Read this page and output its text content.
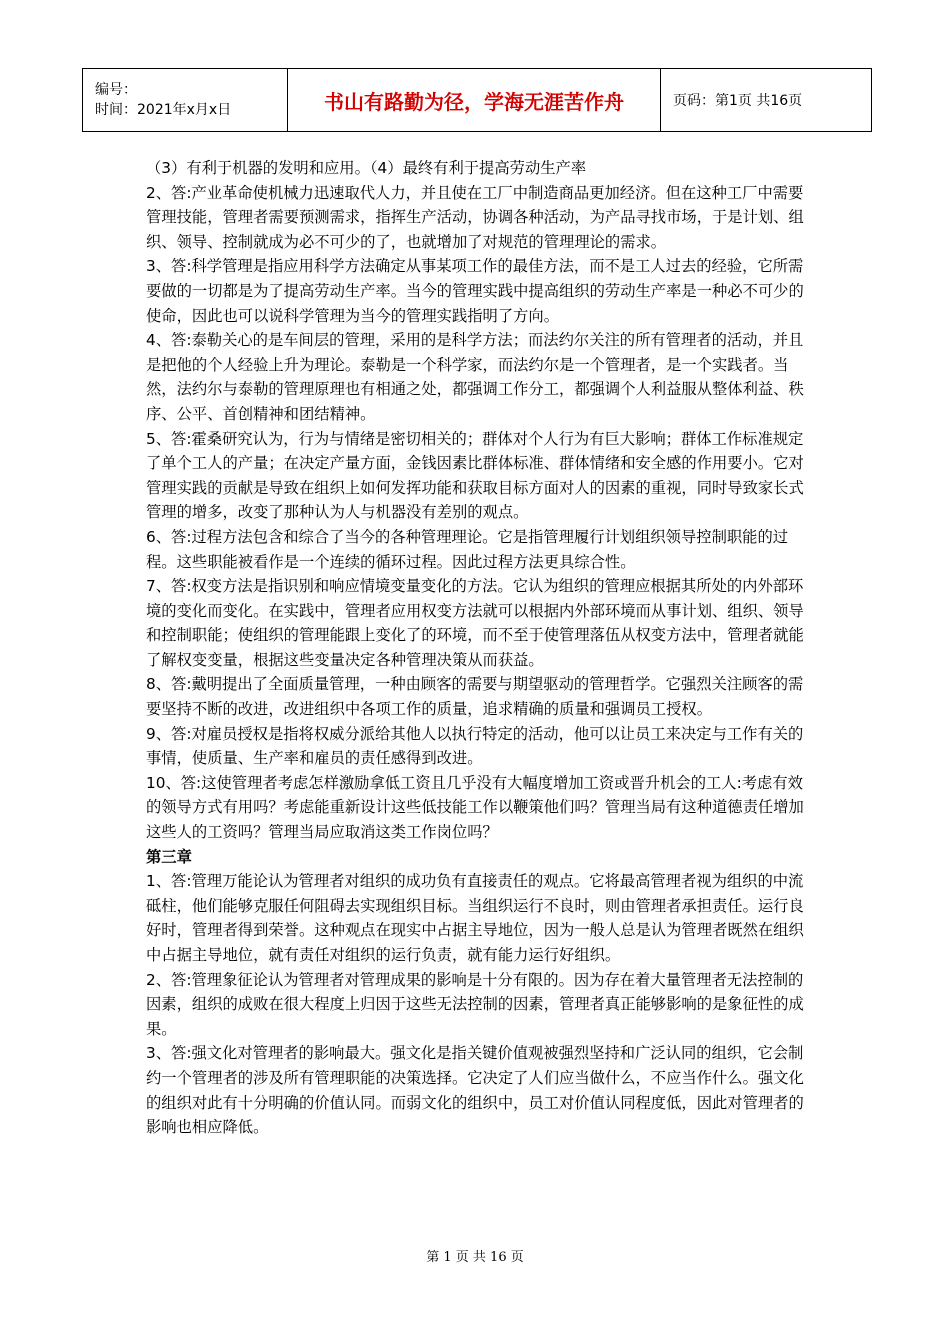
编号：
时间：2021年x月x日	书山有路勤为径，学海无涯苦作舟	页码：第1页 共16页

（3）有利于机器的发明和应用。（4）最终有利于提高劳动生产率

2、答:产业革命使机械力迅速取代人力，并且使在工厂中制造商品更加经济。但在这种工厂中需要管理技能，管理者需要预测需求，指挥生产活动，协调各种活动，为产品寻找市场，于是计划、组织、领导、控制就成为必不可少的了，也就增加了对规范的管理理论的需求。

3、答:科学管理是指应用科学方法确定从事某项工作的最佳方法，而不是工人过去的经验，它所需要做的一切都是为了提高劳动生产率。当今的管理实践中提高组织的劳动生产率是一种必不可少的使命，因此也可以说科学管理为当今的管理实践指明了方向。

4、答:泰勒关心的是车间层的管理，采用的是科学方法；而法约尔关注的所有管理者的活动，并且是把他的个人经验上升为理论。泰勒是一个科学家，而法约尔是一个管理者，是一个实践者。当然，法约尔与泰勒的管理原理也有相通之处，都强调工作分工，都强调个人利益服从整体利益、秩序、公平、首创精神和团结精神。

5、答:霍桑研究认为，行为与情绪是密切相关的；群体对个人行为有巨大影响；群体工作标准规定了单个工人的产量；在决定产量方面，金钱因素比群体标准、群体情绪和安全感的作用要小。它对管理实践的贡献是导致在组织上如何发挥功能和获取目标方面对人的因素的重视，同时导致家长式管理的增多，改变了那种认为人与机器没有差别的观点。

6、答:过程方法包含和综合了当今的各种管理理论。它是指管理履行计划组织领导控制职能的过程。这些职能被看作是一个连续的循环过程。因此过程方法更具综合性。

7、答:权变方法是指识别和响应情境变量变化的方法。它认为组织的管理应根据其所处的内外部环境的变化而变化。在实践中，管理者应用权变方法就可以根据内外部环境而从事计划、组织、领导和控制职能；使组织的管理能跟上变化了的环境，而不至于使管理落伍从权变方法中，管理者就能了解权变变量，根据这些变量决定各种管理决策从而获益。

8、答:戴明提出了全面质量管理，一种由顾客的需要与期望驱动的管理哲学。它强烈关注顾客的需要坚持不断的改进，改进组织中各项工作的质量，追求精确的质量和强调员工授权。

9、答:对雇员授权是指将权威分派给其他人以执行特定的活动，他可以让员工来决定与工作有关的事情，使质量、生产率和雇员的责任感得到改进。

10、答:这使管理者考虑怎样激励拿低工资且几乎没有大幅度增加工资或晋升机会的工人:考虑有效的领导方式有用吗？考虑能重新设计这些低技能工作以鞭策他们吗？管理当局有这种道德责任增加这些人的工资吗？管理当局应取消这类工作岗位吗？

第三章

1、答:管理万能论认为管理者对组织的成功负有直接责任的观点。它将最高管理者视为组织的中流砥柱，他们能够克服任何阻碍去实现组织目标。当组织运行不良时，则由管理者承担责任。运行良好时，管理者得到荣誉。这种观点在现实中占据主导地位，因为一般人总是认为管理者既然在组织中占据主导地位，就有责任对组织的运行负责，就有能力运行好组织。

2、答:管理象征论认为管理者对管理成果的影响是十分有限的。因为存在着大量管理者无法控制的因素，组织的成败在很大程度上归因于这些无法控制的因素，管理者真正能够影响的是象征性的成果。

3、答:强文化对管理者的影响最大。强文化是指关键价值观被强烈坚持和广泛认同的组织，它会制约一个管理者的涉及所有管理职能的决策选择。它决定了人们应当做什么，不应当作什么。强文化的组织对此有十分明确的价值认同。而弱文化的组织中，员工对价值认同程度低，因此对管理者的影响也相应降低。

第 1 页 共 16 页
